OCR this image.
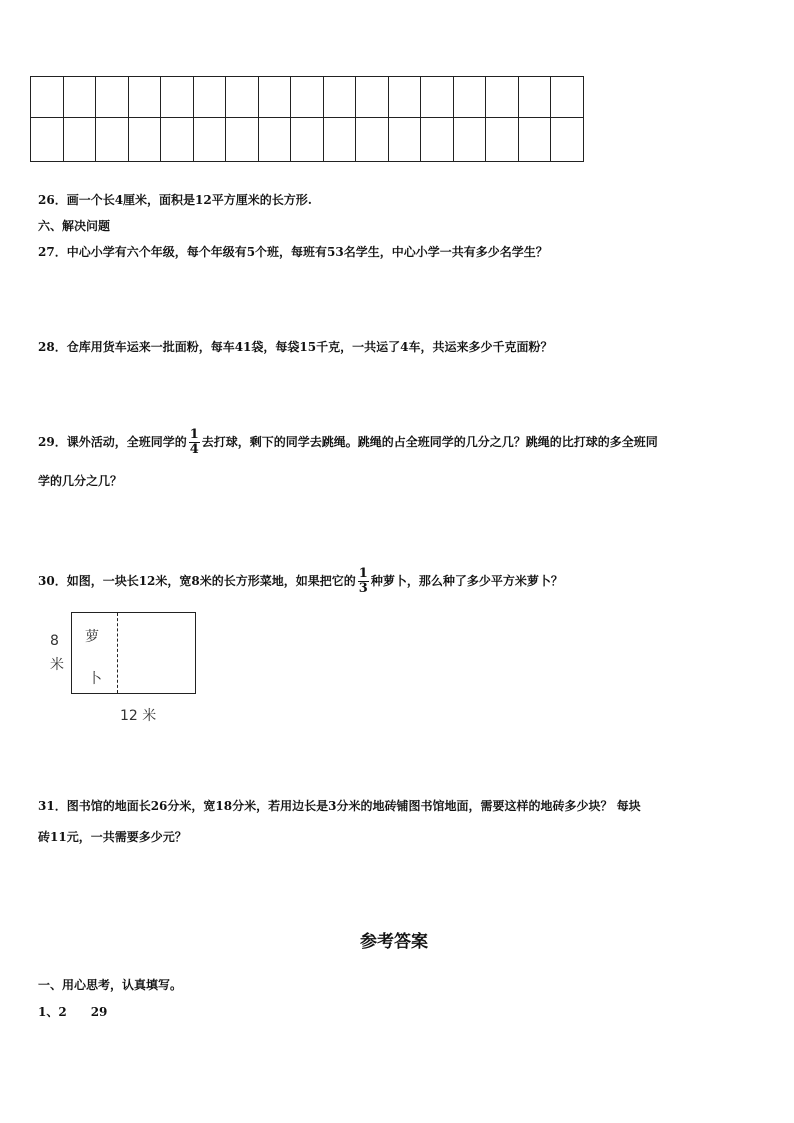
26．画一个长4厘米，面积是12平方厘米的长方形.
六、解决问题
27．中心小学有六个年级，每个年级有5个班，每班有53名学生，中心小学一共有多少名学生？
28．仓库用货车运来一批面粉，每车41袋，每袋15千克，一共运了4车，共运来多少千克面粉？
29．课外活动，全班同学的 $\frac{1}{4}$ 去打球，剩下的同学去跳绳。跳绳的占全班同学的几分之几？跳绳的比打球的多全班同
学的几分之几？
30．如图，一块长12米，宽8米的长方形菜地，如果把它的 $\frac{1}{3}$ 种萝卜，那么种了多少平方米萝卜？
8
米
萝
卜
12 米
31．图书馆的地面长26分米，宽18分米，若用边长是3分米的地砖铺图书馆地面，需要这样的地砖多少块？ 每块
砖11元，一共需要多少元？
参考答案
一、用心思考，认真填写。
1、2　　29
